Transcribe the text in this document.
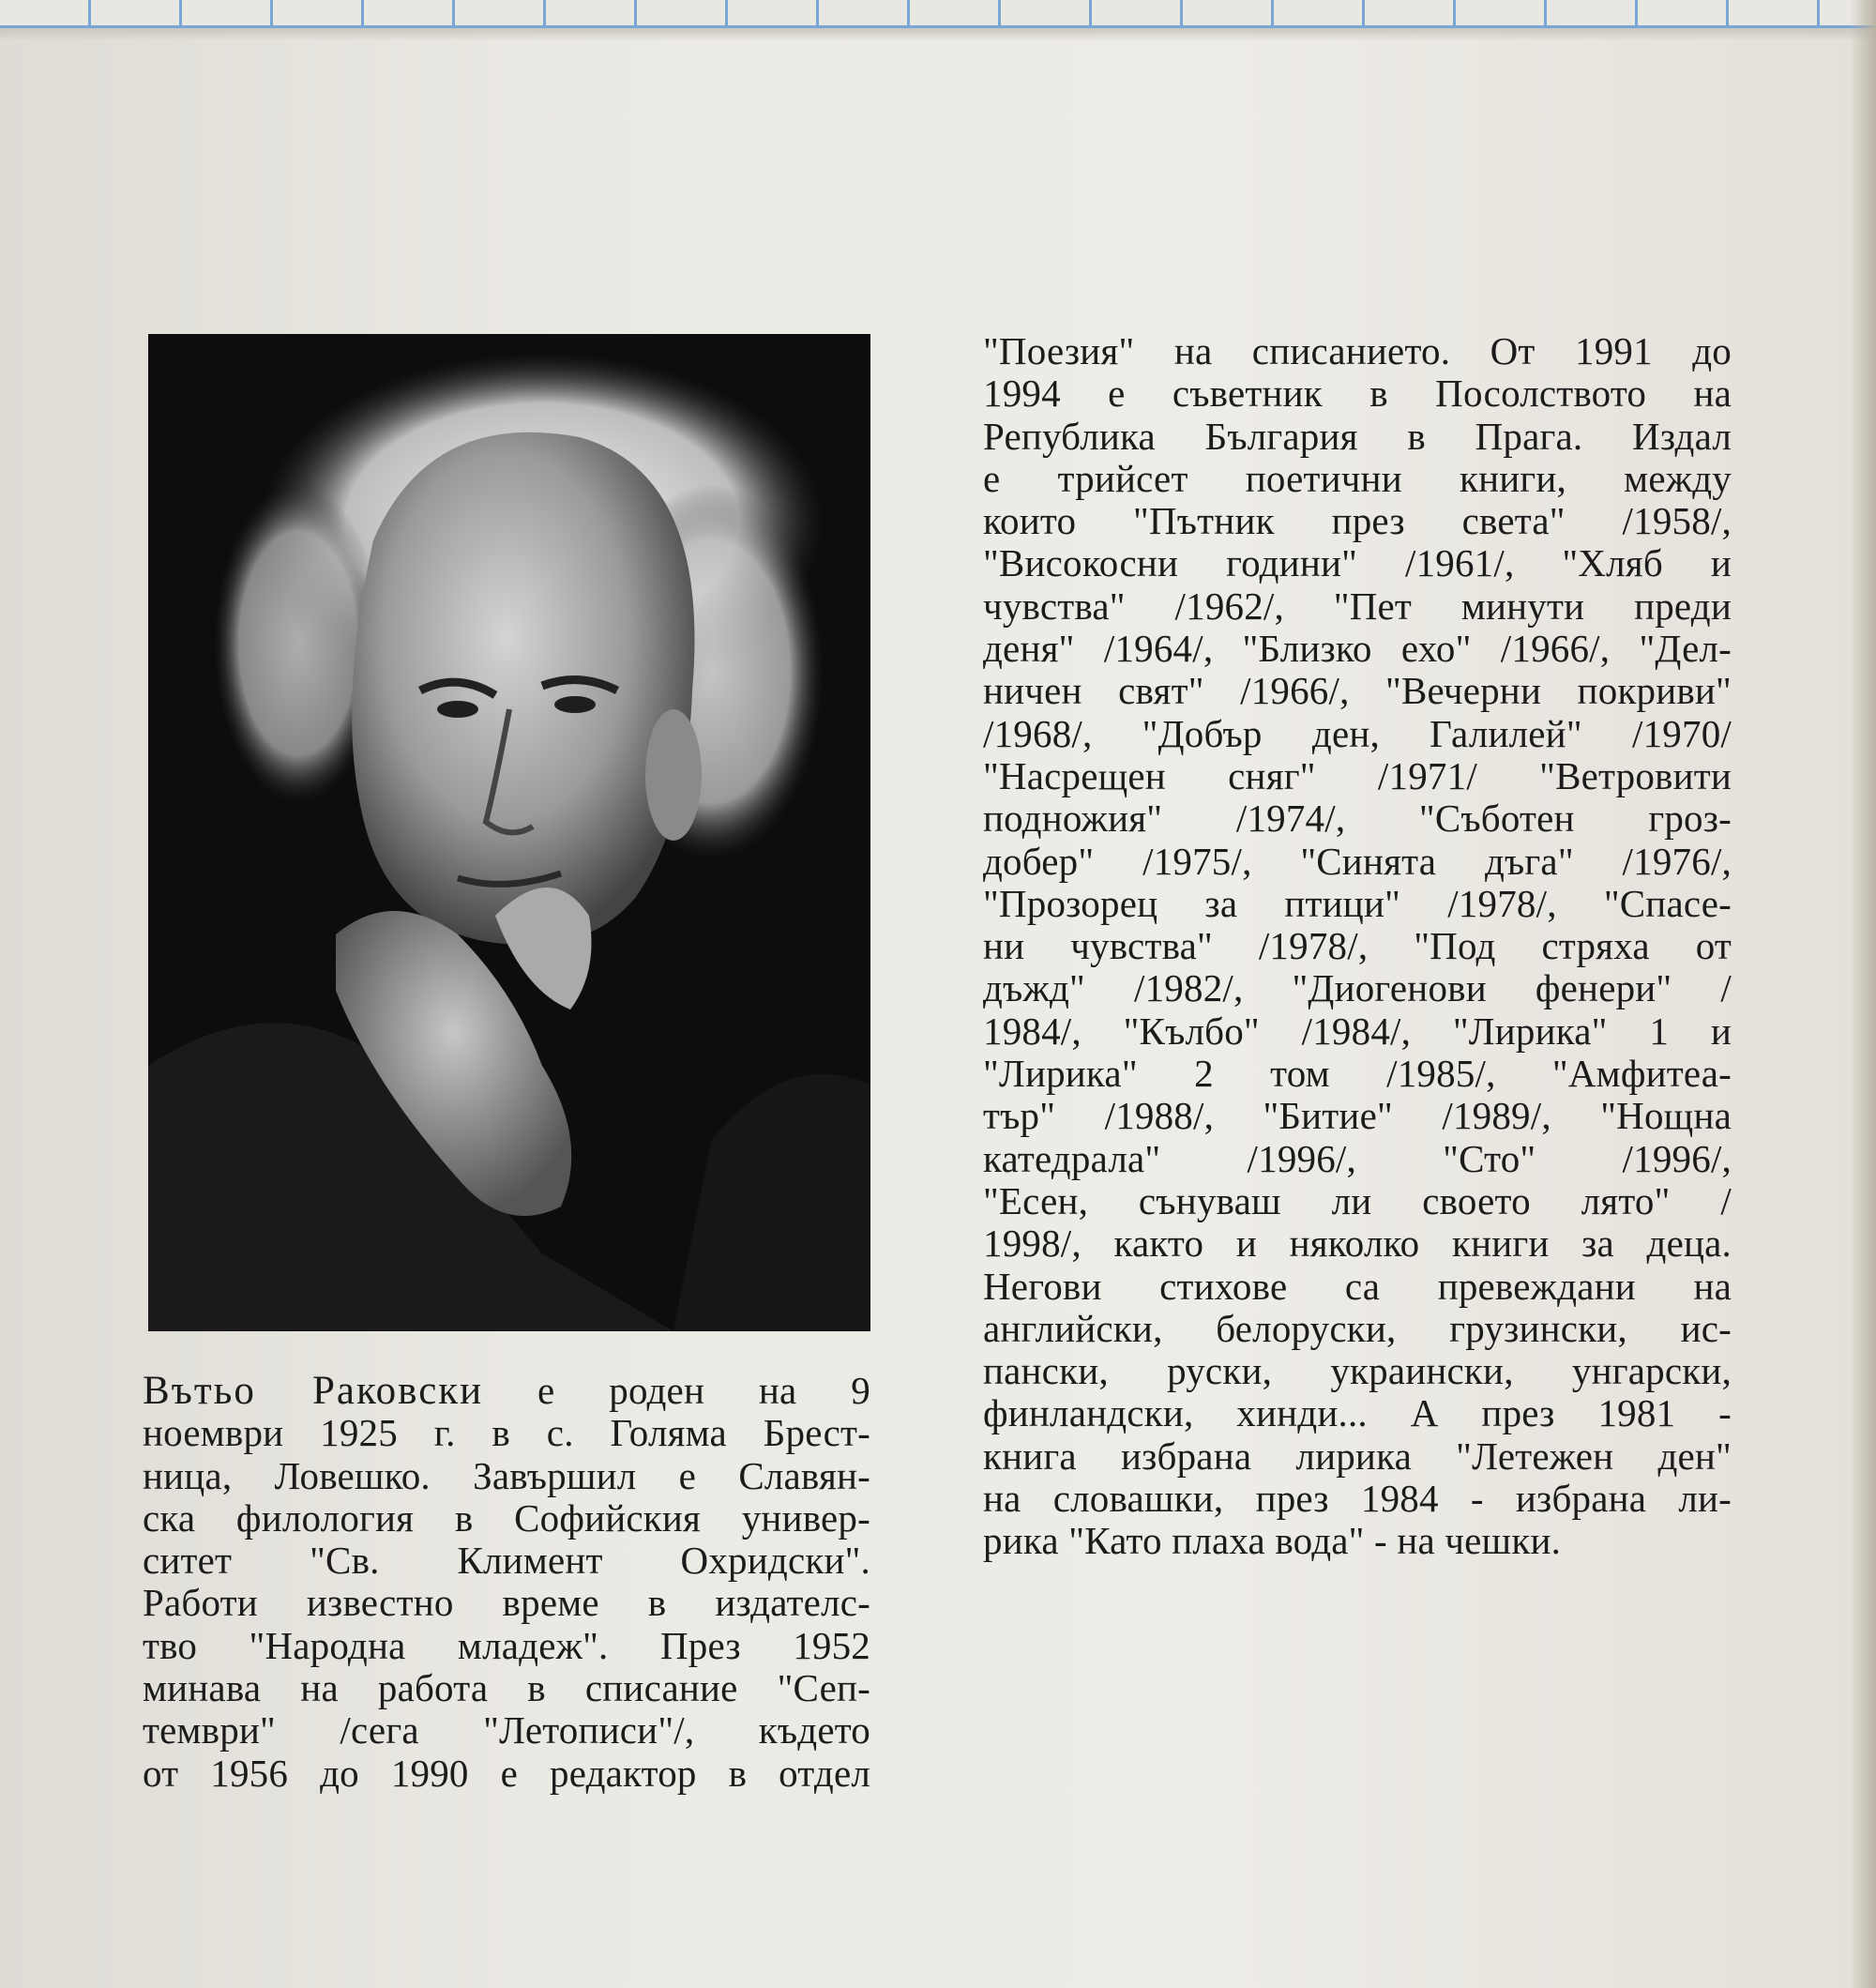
Вътьо Раковски е роден на 9
ноември 1925 г. в с. Голяма Брест-
ница, Ловешко. Завършил е Славян-
ска филология в Софийския универ-
ситет "Св. Климент Охридски".
Работи известно време в издателс-
тво "Народна младеж". През 1952
минава на работа в списание "Сеп-
тември" /сега "Летописи"/, където
от 1956 до 1990 е редактор в отдел
"Поезия" на списанието. От 1991 до
1994 е съветник в Посолството на
Република България в Прага. Издал
е трийсет поетични книги, между
които "Пътник през света" /1958/,
"Високосни години" /1961/, "Хляб и
чувства" /1962/, "Пет минути преди
деня" /1964/, "Близко ехо" /1966/, "Дел-
ничен свят" /1966/, "Вечерни покриви"
/1968/, "Добър ден, Галилей" /1970/
"Насрещен сняг" /1971/ "Ветровити
подножия" /1974/, "Съботен гроз-
добер" /1975/, "Синята дъга" /1976/,
"Прозорец за птици" /1978/, "Спасе-
ни чувства" /1978/, "Под стряха от
дъжд" /1982/, "Диогенови фенери" /
1984/, "Кълбо" /1984/, "Лирика" 1 и
"Лирика" 2 том /1985/, "Амфитеа-
тър" /1988/, "Битие" /1989/, "Нощна
катедрала" /1996/, "Сто" /1996/,
"Есен, сънуваш ли своето лято" /
1998/, както и няколко книги за деца.
Негови стихове са превеждани на
английски, белоруски, грузински, ис-
пански, руски, украински, унгарски,
финландски, хинди... А през 1981 -
книга избрана лирика "Летежен ден"
на словашки, през 1984 - избрана ли-
рика "Като плаха вода" - на чешки.
